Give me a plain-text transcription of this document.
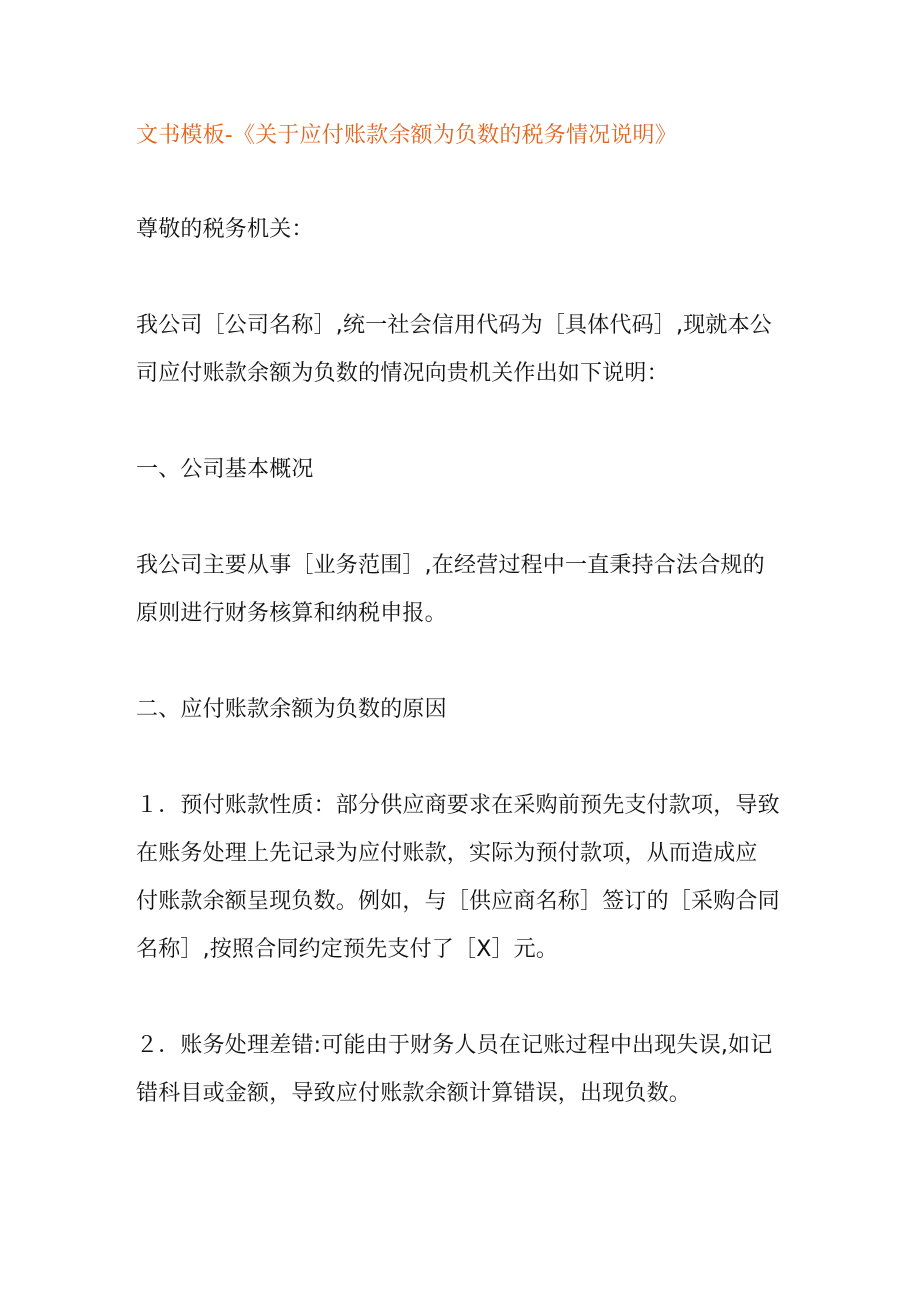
文书模板-《关于应付账款余额为负数的税务情况说明》
尊敬的税务机关：
我公司［公司名称］,统一社会信用代码为［具体代码］,现就本公
司应付账款余额为负数的情况向贵机关作出如下说明：
一、公司基本概况
我公司主要从事［业务范围］,在经营过程中一直秉持合法合规的
原则进行财务核算和纳税申报。
二、应付账款余额为负数的原因
１．预付账款性质：部分供应商要求在采购前预先支付款项，导致
在账务处理上先记录为应付账款，实际为预付款项，从而造成应
付账款余额呈现负数。例如，与［供应商名称］签订的［采购合同
名称］,按照合同约定预先支付了［X］元。
２．账务处理差错:可能由于财务人员在记账过程中出现失误,如记
错科目或金额，导致应付账款余额计算错误，出现负数。
